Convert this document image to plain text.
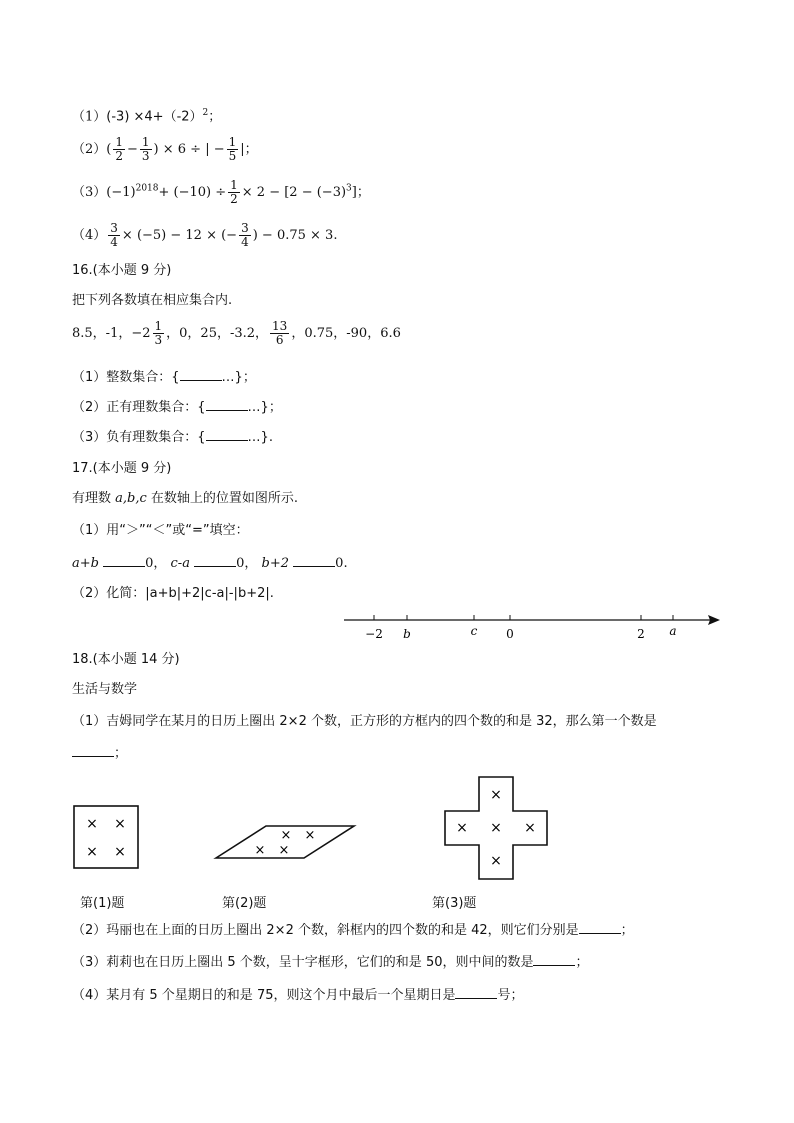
$(1)(-3) \times 4+(-2)^2$；
$(2)( \frac{1}{2} - \frac{1}{3}$ ) × 6 ÷ | − $\frac{1}{5}$ |；
$(3)(-1)^{2018}+ (-10) \div \frac{1}{2} \times 2 - [2 - (-3)^3]$；
$(4) \frac{3}{4} \times (-5) - 12$ × (− $\frac{3}{4}$ ) − 0.75 × 3.
16.(本小题 9 分)
把下列各数填在相应集合内.
8.5，-1，$-2 \frac{1}{3}$ ，0，25，-3.2， $\frac{13}{6}$ ，0.75，-90，6.6
（1）整数集合：{	…}；
（2）正有理数集合：{	…}；
（3）负有理数集合：{	…}.
17.(本小题 9 分)
有理数 a,b,c 在数轴上的位置如图所示.
（1）用“＞”“＜”或“=”填空：
a+b	0， c-a	0， b+2	0.
（2）化简：|a+b|+2|c-a|-|b+2|.
−2 b	c 0	2 a
18.(本小题 14 分)
生活与数学
（1）吉姆同学在某月的日历上圈出 2×2 个数，正方形的方框内的四个数的和是 32，那么第一个数是
；
× ×
× ×
× ×
× ×
×
× × ×
×
第(1)题	第(2)题	第(3)题
（2）玛丽也在上面的日历上圈出 2×2 个数，斜框内的四个数的和是 42，则它们分别是	；
（3）莉莉也在日历上圈出 5 个数，呈十字框形，它们的和是 50，则中间的数是	；
（4）某月有 5 个星期日的和是 75，则这个月中最后一个星期日是	号；
